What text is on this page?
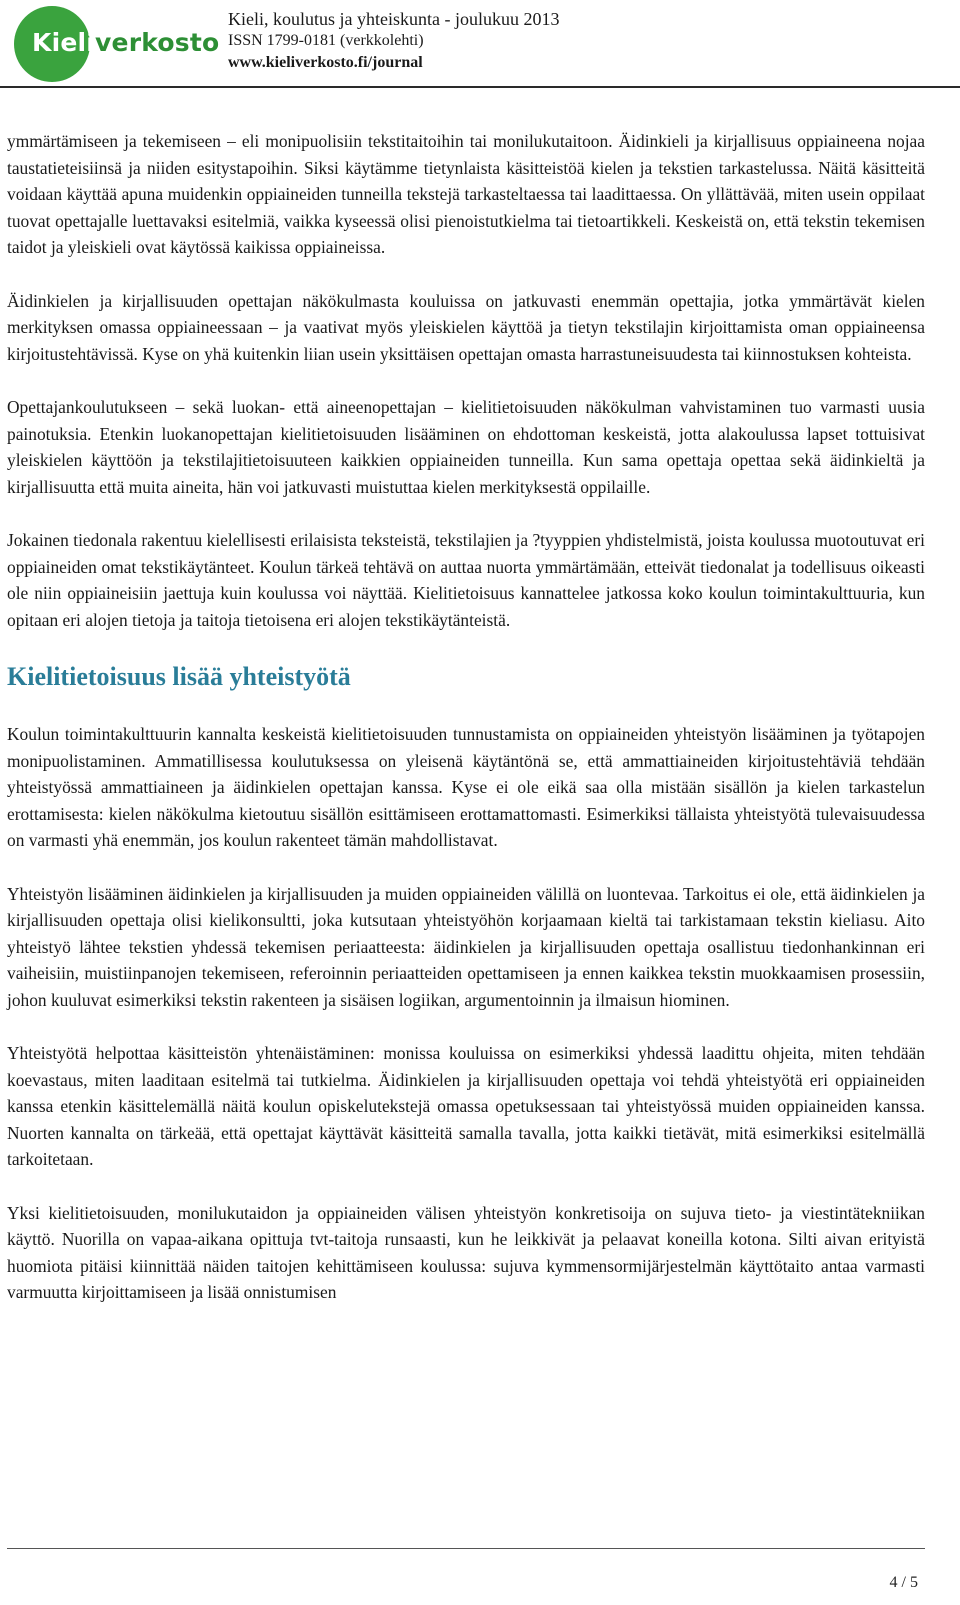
Kieliverkosto
Kieli, koulutus ja yhteiskunta - joulukuu 2013
ISSN 1799-0181 (verkkolehti)
www.kieliverkosto.fi/journal

ymmärtämiseen ja tekemiseen – eli monipuolisiin tekstitaitoihin tai monilukutaitoon. Äidinkieli ja kirjallisuus oppiaineena nojaa taustatieteisiinsä ja niiden esitystapoihin. Siksi käytämme tietynlaista käsitteistöä kielen ja tekstien tarkastelussa. Näitä käsitteitä voidaan käyttää apuna muidenkin oppiaineiden tunneilla tekstejä tarkasteltaessa tai laadittaessa. On yllättävää, miten usein oppilaat tuovat opettajalle luettavaksi esitelmiä, vaikka kyseessä olisi pienoistutkielma tai tietoartikkeli. Keskeistä on, että tekstin tekemisen taidot ja yleiskieli ovat käytössä kaikissa oppiaineissa.

Äidinkielen ja kirjallisuuden opettajan näkökulmasta kouluissa on jatkuvasti enemmän opettajia, jotka ymmärtävät kielen merkityksen omassa oppiaineessaan – ja vaativat myös yleiskielen käyttöä ja tietyn tekstilajin kirjoittamista oman oppiaineensa kirjoitustehtävissä. Kyse on yhä kuitenkin liian usein yksittäisen opettajan omasta harrastuneisuudesta tai kiinnostuksen kohteista.

Opettajankoulutukseen – sekä luokan- että aineenopettajan – kielitietoisuuden näkökulman vahvistaminen tuo varmasti uusia painotuksia. Etenkin luokanopettajan kielitietoisuuden lisääminen on ehdottoman keskeistä, jotta alakoulussa lapset tottuisivat yleiskielen käyttöön ja tekstilajitietoisuuteen kaikkien oppiaineiden tunneilla. Kun sama opettaja opettaa sekä äidinkieltä ja kirjallisuutta että muita aineita, hän voi jatkuvasti muistuttaa kielen merkityksestä oppilaille.

Jokainen tiedonala rakentuu kielellisesti erilaisista teksteistä, tekstilajien ja ?tyyppien yhdistelmistä, joista koulussa muotoutuvat eri oppiaineiden omat tekstikäytänteet. Koulun tärkeä tehtävä on auttaa nuorta ymmärtämään, etteivät tiedonalat ja todellisuus oikeasti ole niin oppiaineisiin jaettuja kuin koulussa voi näyttää. Kielitietoisuus kannattelee jatkossa koko koulun toimintakulttuuria, kun opitaan eri alojen tietoja ja taitoja tietoisena eri alojen tekstikäytänteistä.

Kielitietoisuus lisää yhteistyötä

Koulun toimintakulttuurin kannalta keskeistä kielitietoisuuden tunnustamista on oppiaineiden yhteistyön lisääminen ja työtapojen monipuolistaminen. Ammatillisessa koulutuksessa on yleisenä käytäntönä se, että ammattiaineiden kirjoitustehtäviä tehdään yhteistyössä ammattiaineen ja äidinkielen opettajan kanssa. Kyse ei ole eikä saa olla mistään sisällön ja kielen tarkastelun erottamisesta: kielen näkökulma kietoutuu sisällön esittämiseen erottamattomasti. Esimerkiksi tällaista yhteistyötä tulevaisuudessa on varmasti yhä enemmän, jos koulun rakenteet tämän mahdollistavat.

Yhteistyön lisääminen äidinkielen ja kirjallisuuden ja muiden oppiaineiden välillä on luontevaa. Tarkoitus ei ole, että äidinkielen ja kirjallisuuden opettaja olisi kielikonsultti, joka kutsutaan yhteistyöhön korjaamaan kieltä tai tarkistamaan tekstin kieliasu. Aito yhteistyö lähtee tekstien yhdessä tekemisen periaatteesta: äidinkielen ja kirjallisuuden opettaja osallistuu tiedonhankinnan eri vaiheisiin, muistiinpanojen tekemiseen, referoinnin periaatteiden opettamiseen ja ennen kaikkea tekstin muokkaamisen prosessiin, johon kuuluvat esimerkiksi tekstin rakenteen ja sisäisen logiikan, argumentoinnin ja ilmaisun hiominen.

Yhteistyötä helpottaa käsitteistön yhtenäistäminen: monissa kouluissa on esimerkiksi yhdessä laadittu ohjeita, miten tehdään koevastaus, miten laaditaan esitelmä tai tutkielma. Äidinkielen ja kirjallisuuden opettaja voi tehdä yhteistyötä eri oppiaineiden kanssa etenkin käsittelemällä näitä koulun opiskelutekstejä omassa opetuksessaan tai yhteistyössä muiden oppiaineiden kanssa. Nuorten kannalta on tärkeää, että opettajat käyttävät käsitteitä samalla tavalla, jotta kaikki tietävät, mitä esimerkiksi esitelmällä tarkoitetaan.

Yksi kielitietoisuuden, monilukutaidon ja oppiaineiden välisen yhteistyön konkretisoija on sujuva tieto- ja viestintätekniikan käyttö. Nuorilla on vapaa-aikana opittuja tvt-taitoja runsaasti, kun he leikkivät ja pelaavat koneilla kotona. Silti aivan erityistä huomiota pitäisi kiinnittää näiden taitojen kehittämiseen koulussa: sujuva kymmensormijärjestelmän käyttötaito antaa varmasti varmuutta kirjoittamiseen ja lisää onnistumisen

4 / 5
